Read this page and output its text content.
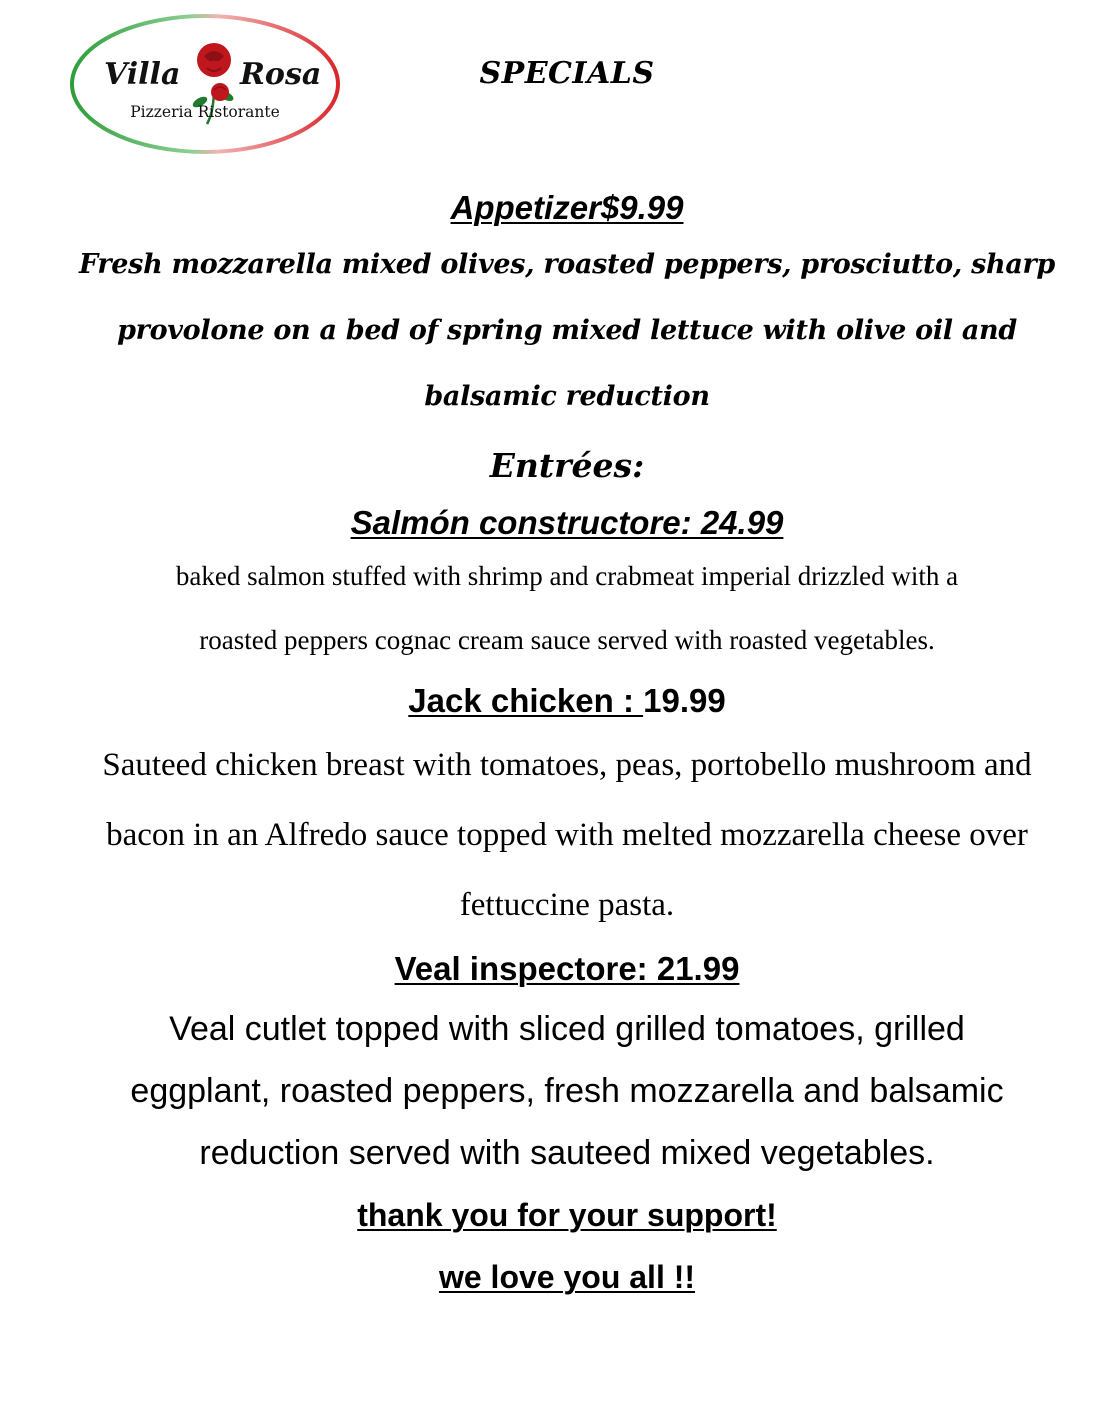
Villa Rosa
Pizzeria Ristorante
SPECIALS

Appetizer$9.99

Fresh mozzarella mixed olives, roasted peppers, prosciutto, sharp

provolone on a bed of spring mixed lettuce with olive oil and

balsamic reduction

Entrées:

Salmón constructore: 24.99

baked salmon stuffed with shrimp and crabmeat imperial drizzled with a

roasted peppers cognac cream sauce served with roasted vegetables.

Jack chicken : 19.99

Sauteed chicken breast with tomatoes, peas, portobello mushroom and

bacon in an Alfredo sauce topped with melted mozzarella cheese over

fettuccine pasta.

Veal inspectore: 21.99

Veal cutlet topped with sliced grilled tomatoes, grilled

eggplant, roasted peppers, fresh mozzarella and balsamic

reduction served with sauteed mixed vegetables.

thank you for your support!

we love you all !!
